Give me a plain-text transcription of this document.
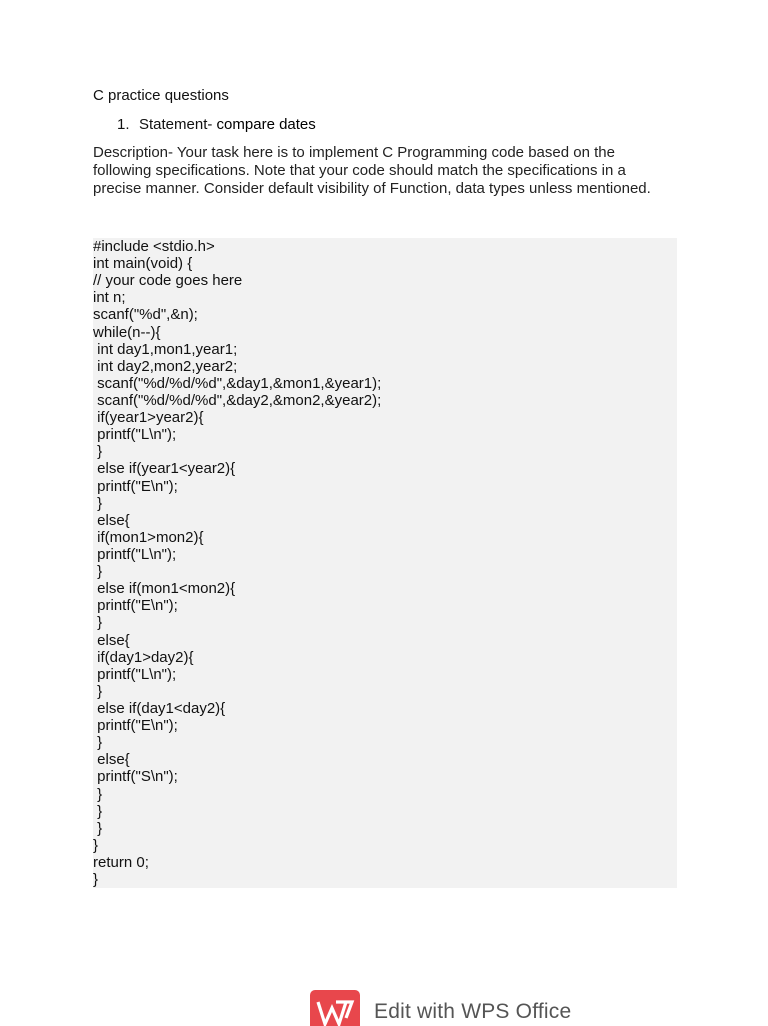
C practice questions
1. Statement- compare dates
Description- Your task here is to implement C Programming code based on the
following specifications. Note that your code should match the specifications in a
precise manner. Consider default visibility of Function, data types unless mentioned.
#include <stdio.h>
int main(void) {
// your code goes here
int n;
scanf("%d",&n);
while(n--){
int day1,mon1,year1;
int day2,mon2,year2;
scanf("%d/%d/%d",&day1,&mon1,&year1);
scanf("%d/%d/%d",&day2,&mon2,&year2);
if(year1>year2){
printf("L\n");
}
else if(year1<year2){
printf("E\n");
}
else{
if(mon1>mon2){
printf("L\n");
}
else if(mon1<mon2){
printf("E\n");
}
else{
if(day1>day2){
printf("L\n");
}
else if(day1<day2){
printf("E\n");
}
else{
printf("S\n");
}
}
}
}
return 0;
}
Edit with WPS Office
